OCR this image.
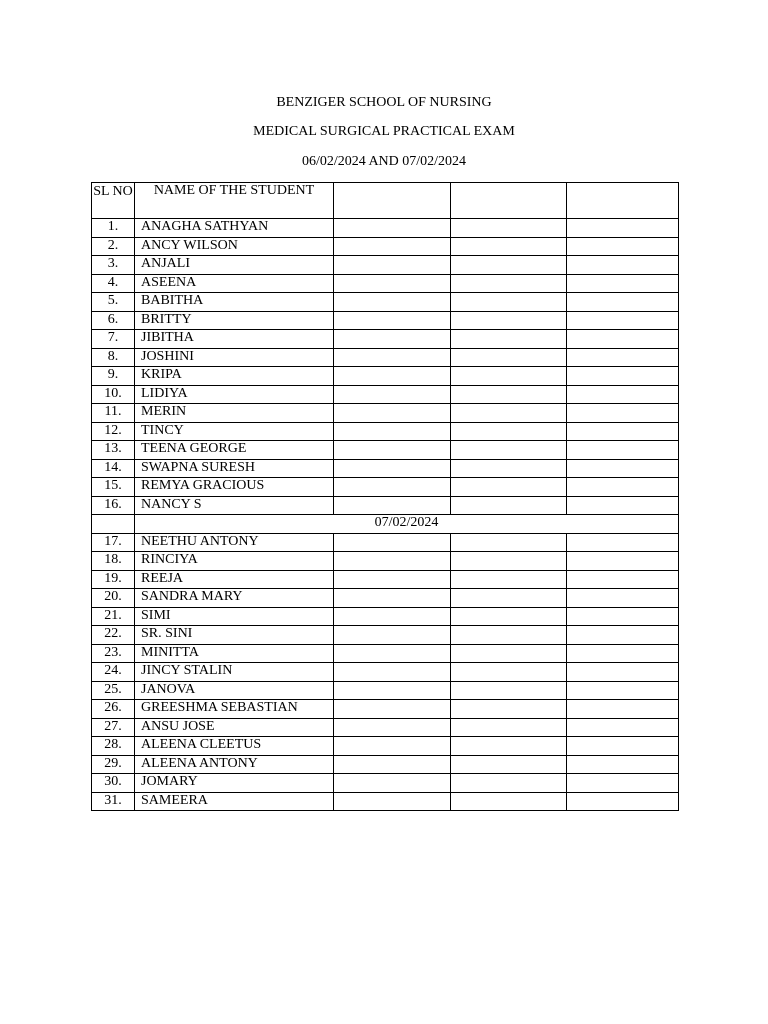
BENZIGER SCHOOL OF NURSING
MEDICAL SURGICAL PRACTICAL EXAM
06/02/2024 AND 07/02/2024
SL NO	NAME OF THE STUDENT			
1.	ANAGHA SATHYAN			
2.	ANCY WILSON			
3.	ANJALI			
4.	ASEENA			
5.	BABITHA			
6.	BRITTY			
7.	JIBITHA			
8.	JOSHINI			
9.	KRIPA			
10.	LIDIYA			
11.	MERIN			
12.	TINCY			
13.	TEENA GEORGE			
14.	SWAPNA SURESH			
15.	REMYA GRACIOUS			
16.	NANCY S			
	07/02/2024			
17.	NEETHU ANTONY			
18.	RINCIYA			
19.	REEJA			
20.	SANDRA MARY			
21.	SIMI			
22.	SR. SINI			
23.	MINITTA			
24.	JINCY STALIN			
25.	JANOVA			
26.	GREESHMA SEBASTIAN			
27.	ANSU JOSE			
28.	ALEENA CLEETUS			
29.	ALEENA ANTONY			
30.	JOMARY			
31.	SAMEERA			
